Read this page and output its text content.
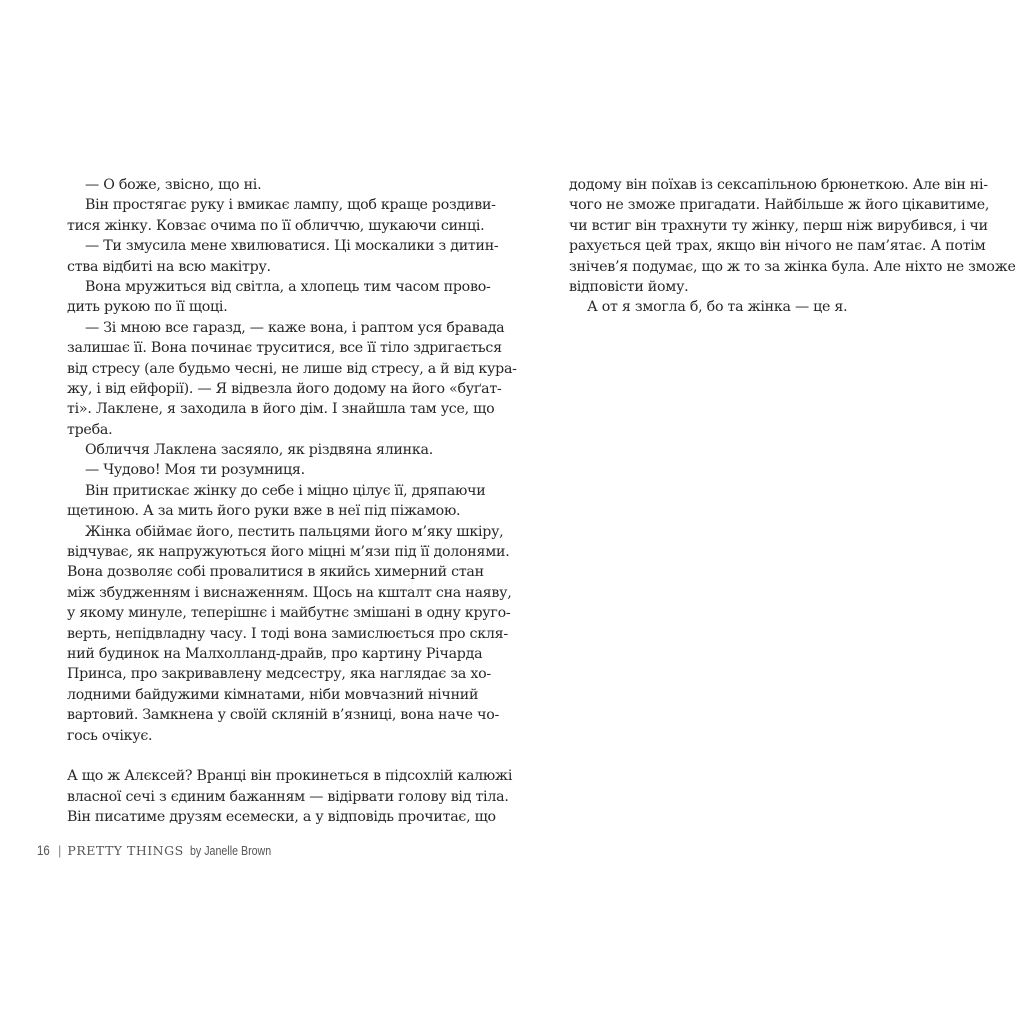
— О боже, звісно, що ні.
Він простягає руку і вмикає лампу, щоб краще роздиви-
тися жінку. Ковзає очима по її обличчю, шукаючи синці.
— Ти змусила мене хвилюватися. Ці москалики з дитин-
ства відбиті на всю макітру.
Вона мружиться від світла, а хлопець тим часом прово-
дить рукою по її щоці.
— Зі мною все гаразд, — каже вона, і раптом уся бравада
залишає її. Вона починає труситися, все її тіло здригається
від стресу (але будьмо чесні, не лише від стресу, а й від кура-
жу, і від ейфорії). — Я відвезла його додому на його «буґат-
ті». Лаклене, я заходила в його дім. І знайшла там усе, що
треба.
Обличчя Лаклена засяяло, як різдвяна ялинка.
— Чудово! Моя ти розумниця.
Він притискає жінку до себе і міцно цілує її, дряпаючи
щетиною. А за мить його руки вже в неї під піжамою.
Жінка обіймає його, пестить пальцями його м’яку шкіру,
відчуває, як напружуються його міцні м’язи під її долонями.
Вона дозволяє собі провалитися в якийсь химерний стан
між збудженням і виснаженням. Щось на кшталт сна наяву,
у якому минуле, теперішнє і майбутнє змішані в одну круго-
верть, непідвладну часу. І тоді вона замислюється про скля-
ний будинок на Малхолланд-драйв, про картину Річарда
Принса, про закривавлену медсестру, яка наглядає за хо-
лодними байдужими кімнатами, ніби мовчазний нічний
вартовий. Замкнена у своїй скляній в’язниці, вона наче чо-
гось очікує.
А що ж Алєксей? Вранці він прокинеться в підсохлій калюжі
власної сечі з єдиним бажанням — відірвати голову від тіла.
Він писатиме друзям есемески, а у відповідь прочитає, що
додому він поїхав із сексапільною брюнеткою. Але він ні-
чого не зможе пригадати. Найбільше ж його цікавитиме,
чи встиг він трахнути ту жінку, перш ніж вирубився, і чи
рахується цей трах, якщо він нічого не пам’ятає. А потім
знічев’я подумає, що ж то за жінка була. Але ніхто не зможе
відповісти йому.
А от я змогла б, бо та жінка — це я.
16 | PRETTY THINGS by Janelle Brown
